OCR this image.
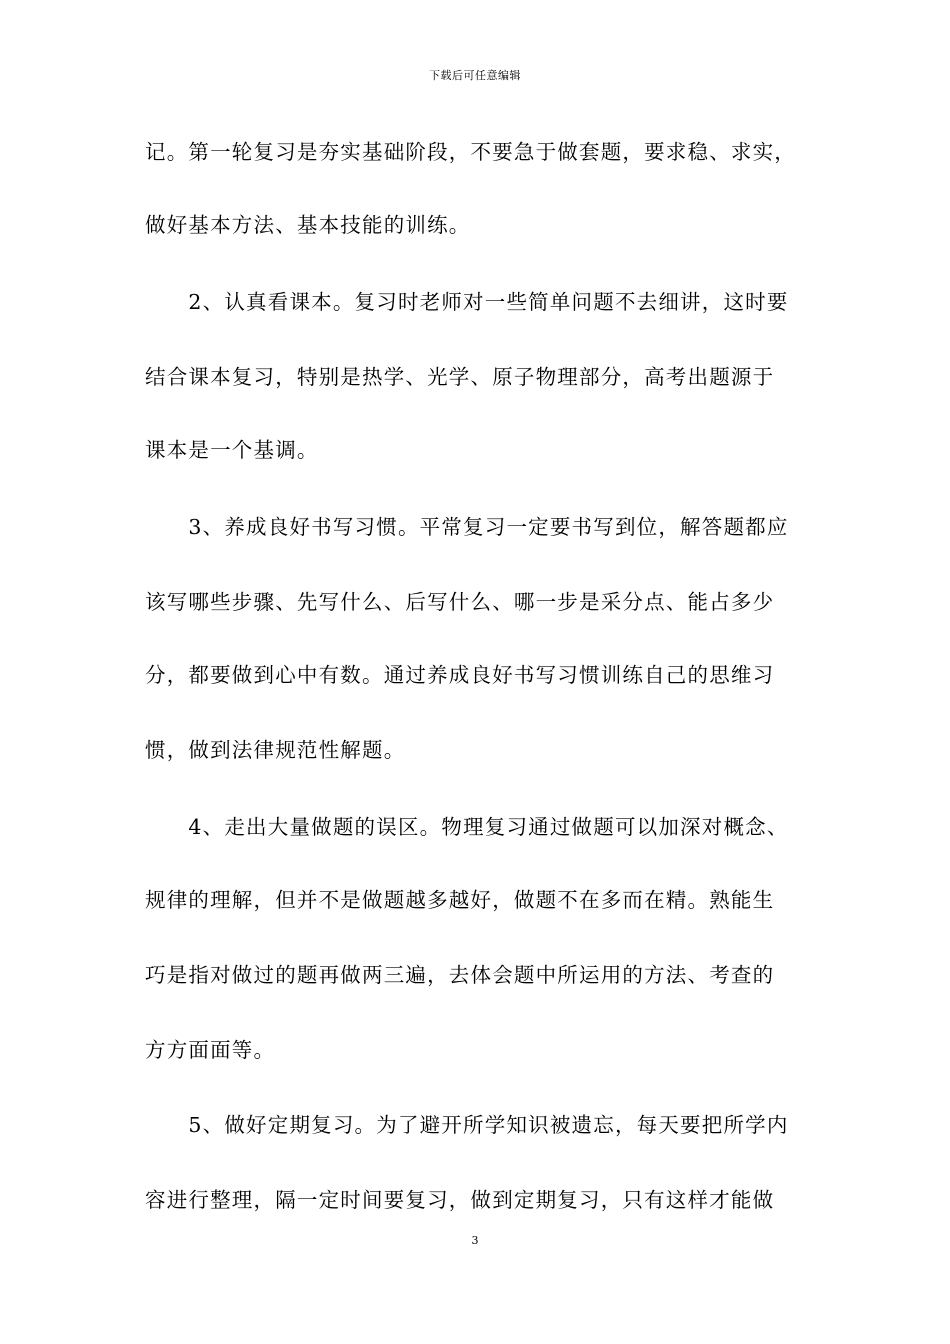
下载后可任意编辑
记。第一轮复习是夯实基础阶段，不要急于做套题，要求稳、求实，
做好基本方法、基本技能的训练。
　　2、认真看课本。复习时老师对一些简单问题不去细讲，这时要
结合课本复习，特别是热学、光学、原子物理部分，高考出题源于
课本是一个基调。
　　3、养成良好书写习惯。平常复习一定要书写到位，解答题都应
该写哪些步骤、先写什么、后写什么、哪一步是采分点、能占多少
分，都要做到心中有数。通过养成良好书写习惯训练自己的思维习
惯，做到法律规范性解题。
　　4、走出大量做题的误区。物理复习通过做题可以加深对概念、
规律的理解，但并不是做题越多越好，做题不在多而在精。熟能生
巧是指对做过的题再做两三遍，去体会题中所运用的方法、考查的
方方面面等。
　　5、做好定期复习。为了避开所学知识被遗忘，每天要把所学内
容进行整理，隔一定时间要复习，做到定期复习，只有这样才能做
3
